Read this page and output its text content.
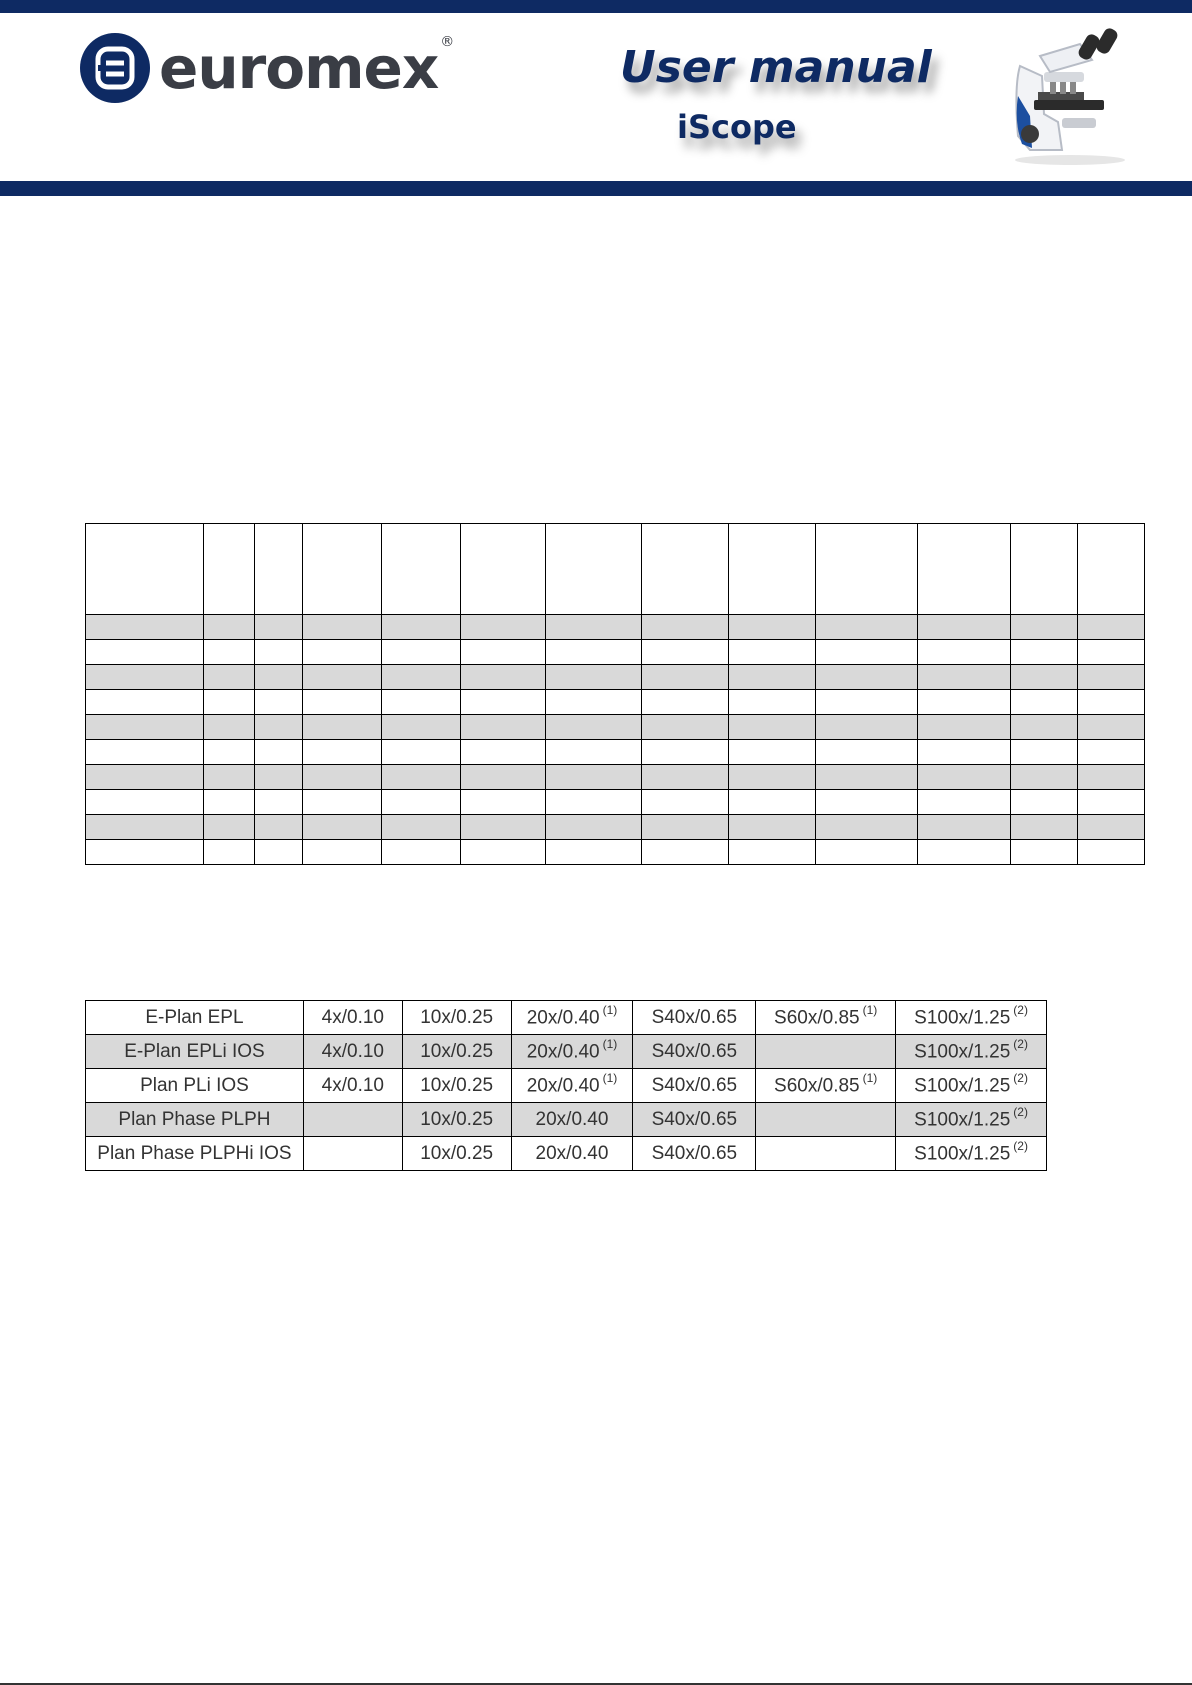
euromex ®	User manual
iScope

E-Plan EPL	4x/0.10	10x/0.25	20x/0.40 $^{(1)}$	S40x/0.65	S60x/0.85 $^{(1)}$	S100x/1.25 $^{(2)}$
E-Plan EPLi IOS	4x/0.10	10x/0.25	20x/0.40 $^{(1)}$	S40x/0.65		S100x/1.25 $^{(2)}$
Plan PLi IOS	4x/0.10	10x/0.25	20x/0.40 $^{(1)}$	S40x/0.65	S60x/0.85 $^{(1)}$	S100x/1.25 $^{(2)}$
Plan Phase PLPH		10x/0.25	20x/0.40	S40x/0.65		S100x/1.25 $^{(2)}$
Plan Phase PLPHi IOS		10x/0.25	20x/0.40	S40x/0.65		S100x/1.25 $^{(2)}$
